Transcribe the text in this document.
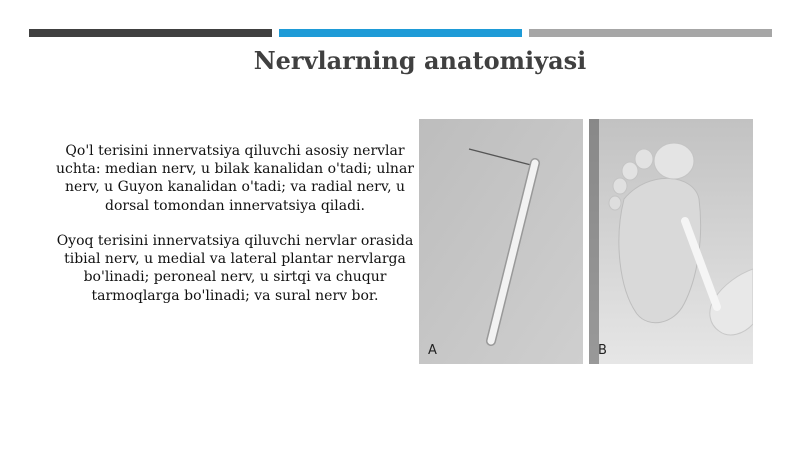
Nervlarning anatomiyasi
Qo'l terisini innervatsiya qiluvchi asosiy nervlar uchta: median nerv, u bilak kanalidan o'tadi; ulnar nerv, u Guyon kanalidan o'tadi; va radial nerv, u dorsal tomondan innervatsiya qiladi.
Oyoq terisini innervatsiya qiluvchi nervlar orasida tibial nerv, u medial va lateral plantar nervlarga bo'linadi; peroneal nerv, u sirtqi va chuqur tarmoqlarga bo'linadi; va sural nerv bor.
A	B
